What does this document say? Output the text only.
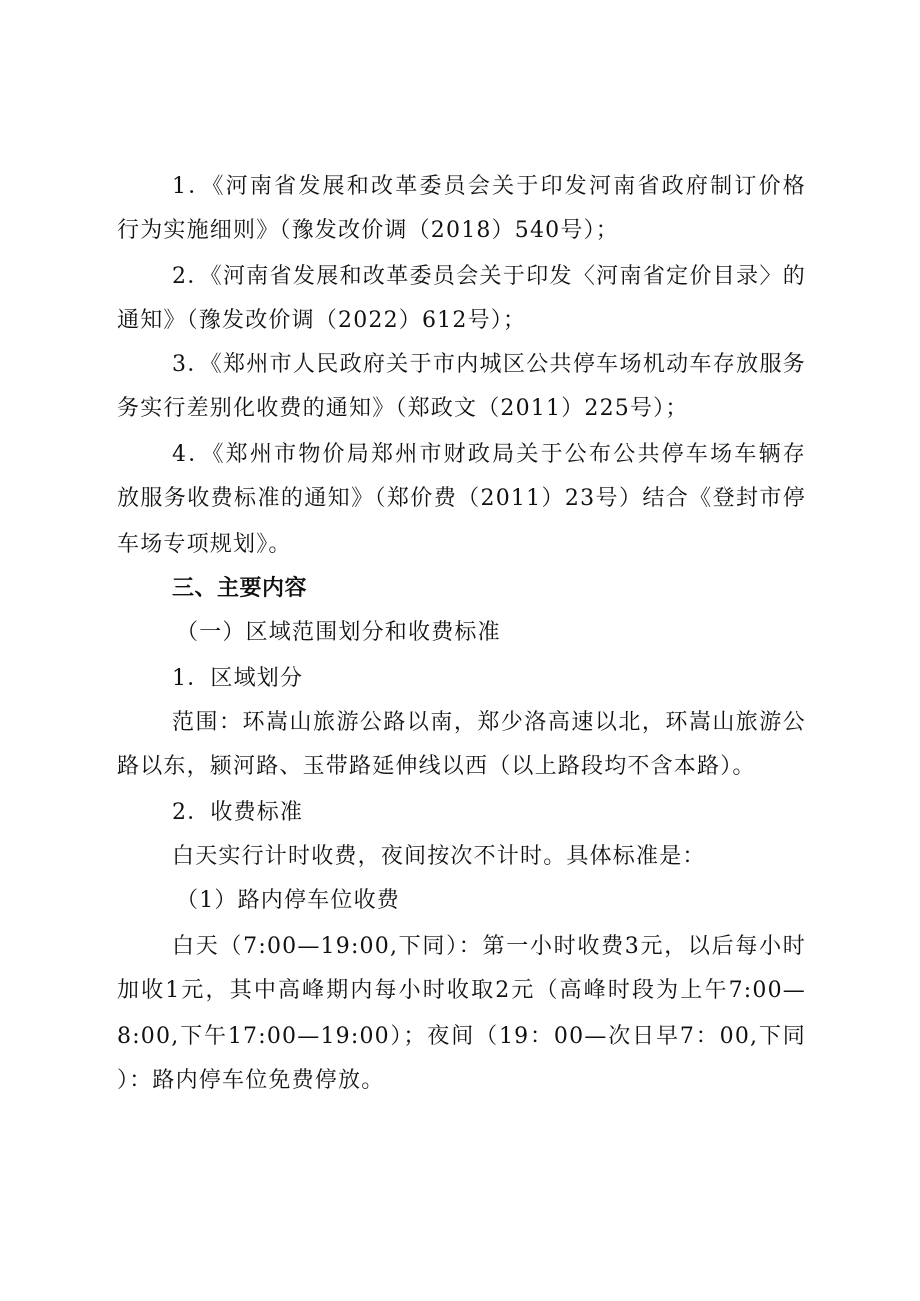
1．《河南省发展和改革委员会关于印发河南省政府制订价格
行为实施细则》（豫发改价调（2018）540号）；
2．《河南省发展和改革委员会关于印发〈河南省定价目录〉的
通知》（豫发改价调（2022）612号）；
3．《郑州市人民政府关于市内城区公共停车场机动车存放服务
务实行差别化收费的通知》（郑政文（2011）225号）；
4．《郑州市物价局郑州市财政局关于公布公共停车场车辆存
放服务收费标准的通知》（郑价费（2011）23号）结合《登封市停
车场专项规划》。
三、主要内容
（一）区域范围划分和收费标准
1．区域划分
范围：环嵩山旅游公路以南，郑少洛高速以北，环嵩山旅游公
路以东，颍河路、玉带路延伸线以西（以上路段均不含本路）。
2．收费标准
白天实行计时收费，夜间按次不计时。具体标准是：
（1）路内停车位收费
白天（7:00—19:00,下同）：第一小时收费3元，以后每小时
加收1元，其中高峰期内每小时收取2元（高峰时段为上午7:00—
8:00,下午17:00—19:00）；夜间（19：00—次日早7：00,下同
）：路内停车位免费停放。
